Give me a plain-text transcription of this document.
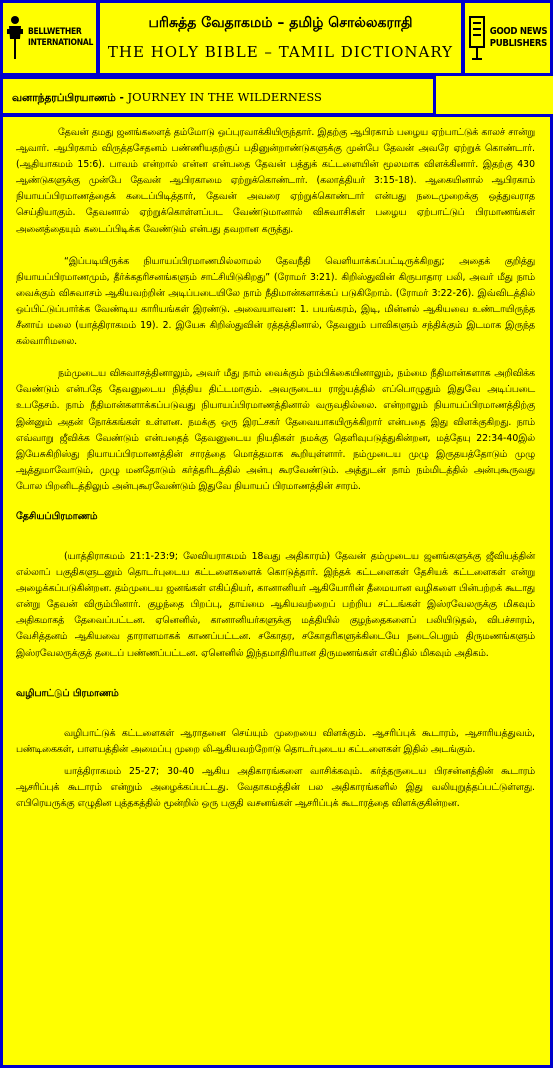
BELLWETHER
INTERNATIONAL
பரிசுத்த வேதாகமம் – தமிழ் சொல்லகராதி
THE HOLY BIBLE – TAMIL DICTIONARY
GOOD NEWS
PUBLISHERS
வனாந்தரப்பிரயாணம் - JOURNEY IN THE WILDERNESS

தேவன் தமது ஜனங்களைத் தம்மோடு ஒப்புரவாக்கியிருந்தார். இதற்கு ஆபிரகாம் பழைய ஏற்பாட்டுக் காலச் சான்று ஆவார். ஆபிரகாம் விருத்தசேதனம் பண்ணியதற்குப் பதினுன்றாண்டுகளுக்கு முன்பே தேவன் அவரே ஏற்றுக் கொண்டார். (ஆதியாகமம் 15:6). பாவம் என்றால் என்ன என்பதை தேவன் பத்துக் கட்டளையின் மூலமாக விளக்கினார். இதற்கு 430 ஆண்டுகளுக்கு முன்பே தேவன் ஆபிரகாமை ஏற்றுக்கொண்டார். (கலாத்தியர் 3:15-18). ஆகையினால் ஆபிரகாம் நியாயப்பிரமாணத்தைக் கடைப்பிடித்தார், தேவன் அவரை ஏற்றுக்கொண்டார் என்பது நடைமுறைக்கு ஒத்துவராத செய்தியாகும். தேவனால் ஏற்றுக்கொள்ளப்பட வேண்டுமானால் விசுவாசிகள் பழைய ஏற்பாட்டுப் பிரமாணங்கள் அனைத்தையும் கடைப்பிடிக்க வேண்டும் என்பது தவறான கருத்து.

“இப்படியிருக்க நியாயப்பிரமாணமில்லாமல் தேவநீதி வெளியாக்கப்பட்டிருக்கிறது; அதைக் குறித்து நியாயப்பிரமாணமும், தீர்க்கதரிசனங்களும் சாட்சியிடுகிறது” (ரோமர் 3:21). கிறிஸ்துவின் கிருபாதார பலி, அவர் மீது நாம் வைக்கும் விசுவாசம் ஆகியவற்றின் அடிப்படையிலே நாம் நீதிமான்களாக்கப் படுகிறோம். (ரோமர் 3:22-26). இவ்விடத்தில் ஒப்பிட்டுப்பார்க்க வேண்டிய காரியங்கள் இரண்டு. அவையாவன: 1. பயங்கரம், இடி, மின்னல் ஆகியவை உண்டாயிருந்த சீனாய் மலை (யாத்திராகமம் 19). 2. இயேசு கிறிஸ்துவின் ரத்தத்தினால், தேவனும் பாவிகளும் சந்திக்கும் இடமாக இருந்த கல்வாரிமலை.

நம்முடைய விசுவாசத்தினாலும், அவர் மீது நாம் வைக்கும் நம்பிக்கையினாலும், நம்மை நீதிமான்களாக அறிவிக்க வேண்டும் என்பதே தேவனுடைய நித்திய திட்டமாகும். அவருடைய ராஜ்யத்தில் எப்பொழுதும் இதுவே அடிப்படை உபதேசம். நாம் நீதிமான்களாக்கப்படுவது நியாயப்பிரமாணத்தினால் வருவதில்லை. என்றாலும் நியாயப்பிரமாணத்திற்கு இன்னும் அதன் நோக்கங்கள் உள்ளன. நமக்கு ஒரு இரட்சகர் தேவையாகயிருக்கிறார் என்பதை இது விளக்குகிறது. நாம் எவ்வாறு ஜீவிக்க வேண்டும் என்பதைத் தேவனுடைய நியதிகள் நமக்கு தெளிவுபடுத்துகின்றன, மத்தேயு 22:34-40இல் இயேசுகிறிஸ்து நியாயப்பிரமாணத்தின் சாரத்தை மொத்தமாக கூறியுள்ளார். நம்முடைய முழு இருதயத்தோடும் முழு ஆத்துமாவோடும், முழு மனதோடும் கர்த்தரிடத்தில் அன்பு கூரவேண்டும். அத்துடன் நாம் நம்மிடத்தில் அன்புகூருவது போல பிறனிடத்திலும் அன்புகூரவேண்டும் இதுவே நியாயப் பிரமாணத்தின் சாரம்.

தேசியப்பிரமாணம்

(யாத்திராகமம் 21:1-23:9; லேவியராகமம் 18வது அதிகாரம்) தேவன் தம்முடைய ஜனங்களுக்கு ஜீவியத்தின் எல்லாப் பகுதிகளுடனும் தொடர்புடைய கட்டளைகளைக் கொடுத்தார். இந்தக் கட்டளைகள் தேசியக் கட்டளைகள் என்று அழைக்கப்படுகின்றன. தம்முடைய ஜனங்கள் எகிப்தியர், கானானியர் ஆகியோரின் தீமையான வழிகளை பின்பற்றக் கூடாது என்று தேவன் விரும்பினார். குழந்தை பிறப்பு, தாய்மை ஆகியவற்றைப் பற்றிய சட்டங்கள் இஸ்ரவேலருக்கு மிகவும் அதிகமாகத் தேவைப்பட்டன. ஏனெனில், கானானியர்களுக்கு மத்தியில் குழந்தைகளைப் பலியிடுதல், விபச்சாரம், வேசித்தனம் ஆகியவை தாராளமாகக் காணப்பட்டன. சகோதர, சகோதரிகளுக்கிடையே நடைபெறும் திருமணங்களும் இஸ்ரவேலருக்குத் தடைப் பண்ணப்பட்டன. ஏனெனில் இந்தமாதிரியான திருமணங்கள் எகிப்தில் மிகவும் அதிகம்.

வழிபாட்டுப் பிரமாணம்

வழிபாட்டுக் கட்டளைகள் ஆராதனை செய்யும் முறையை விளக்கும். ஆசரிப்புக் கூடாரம், ஆசாரியத்துவம், பண்டிகைகள், பாளயத்தின் அமைப்பு முறை லிஆகியவற்றோடு தொடர்புடைய கட்டளைகள் இதில் அடங்கும்.

யாத்திராகமம் 25-27; 30-40 ஆகிய அதிகாரங்களை வாசிக்கவும். கர்த்தருடைய பிரசன்னத்தின் கூடாரம் ஆசரிப்புக் கூடாரம் என்றும் அழைக்கப்பட்டது. வேதாகமத்தின் பல அதிகாரங்களில் இது வலியுறுத்தப்பட்டுள்ளது. எபிரெயருக்கு எழுதின புத்தகத்தில் மூன்றில் ஒரு பகுதி வசனங்கள் ஆசரிப்புக் கூடாரத்தை விளக்குகின்றன.
